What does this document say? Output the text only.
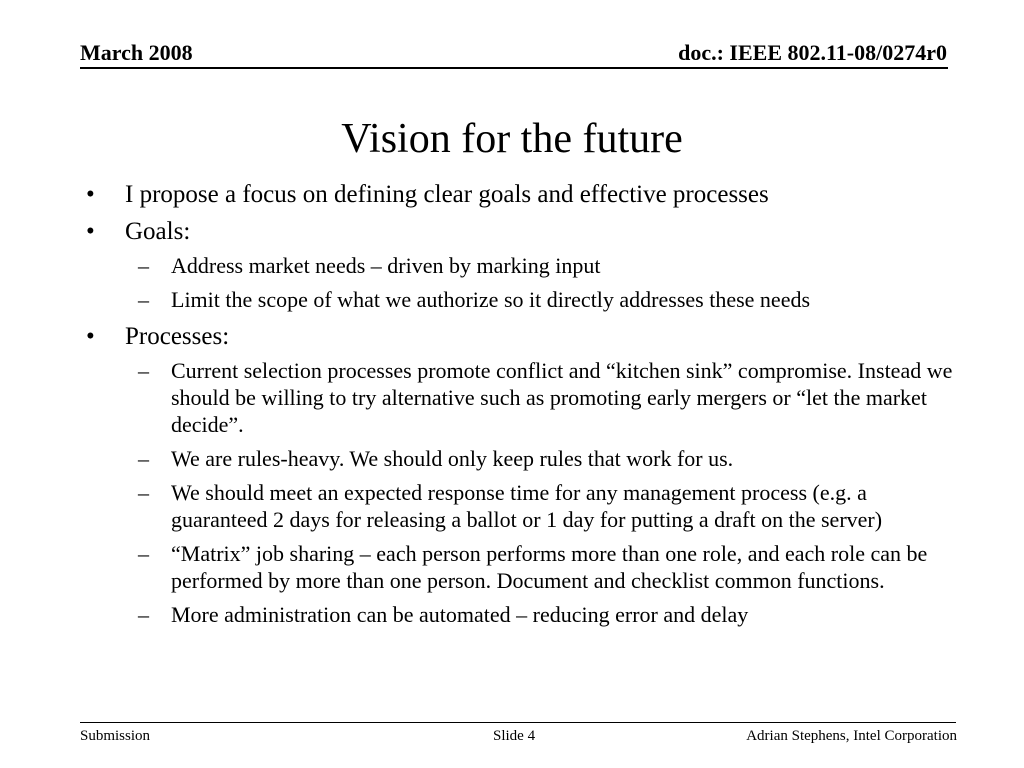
March 2008	doc.: IEEE 802.11-08/0274r0
Vision for the future
• I propose a focus on defining clear goals and effective processes
• Goals:
– Address market needs – driven by marking input
– Limit the scope of what we authorize so it directly addresses these needs
• Processes:
– Current selection processes promote conflict and “kitchen sink” compromise. Instead we should be willing to try alternative such as promoting early mergers or “let the market decide”.
– We are rules-heavy. We should only keep rules that work for us.
– We should meet an expected response time for any management process (e.g. a guaranteed 2 days for releasing a ballot or 1 day for putting a draft on the server)
– “Matrix” job sharing – each person performs more than one role, and each role can be performed by more than one person. Document and checklist common functions.
– More administration can be automated – reducing error and delay
Submission	Slide 4	Adrian Stephens, Intel Corporation
